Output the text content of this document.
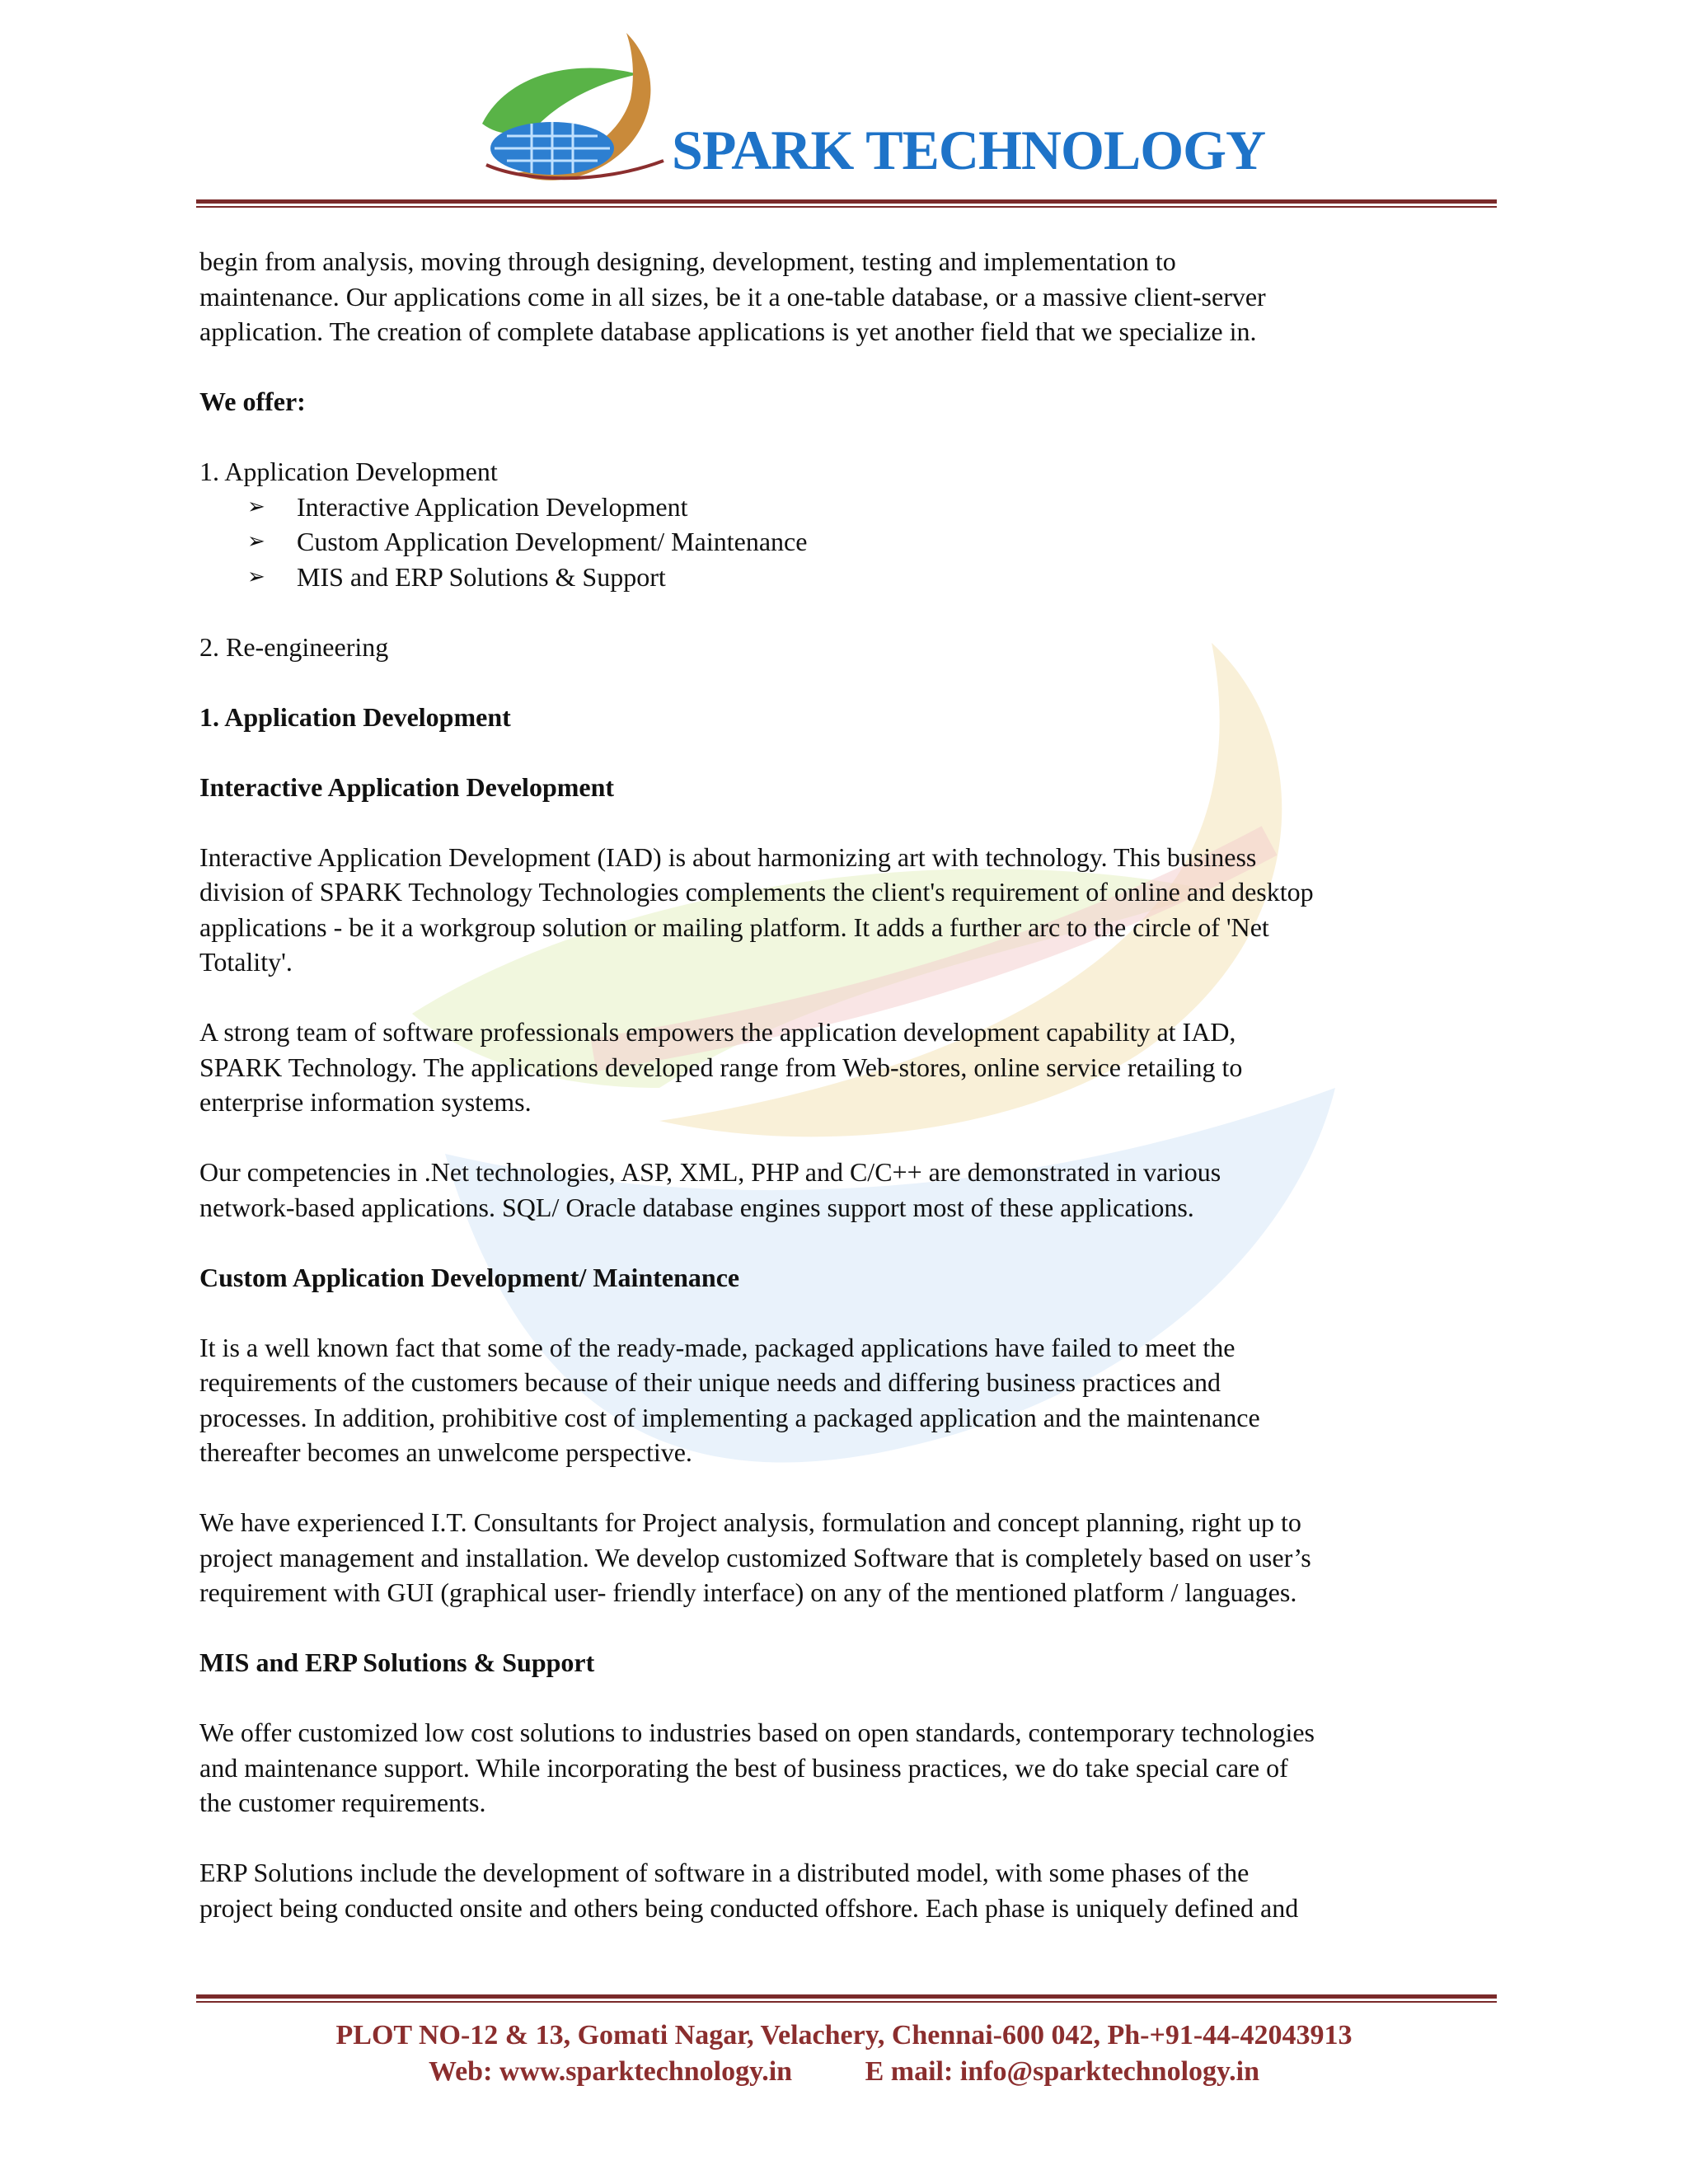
SPARK TECHNOLOGY

begin from analysis, moving through designing, development, testing and implementation to

maintenance. Our applications come in all sizes, be it a one-table database, or a massive client-server

application. The creation of complete database applications is yet another field that we specialize in.

We offer:

1. Application Development

➢	Interactive Application Development

➢	Custom Application Development/ Maintenance

➢	MIS and ERP Solutions & Support

2. Re-engineering

1. Application Development

Interactive Application Development

Interactive Application Development (IAD) is about harmonizing art with technology. This business

division of SPARK Technology Technologies complements the client's requirement of online and desktop

applications - be it a workgroup solution or mailing platform. It adds a further arc to the circle of 'Net

Totality'.

A strong team of software professionals empowers the application development capability at IAD,

SPARK Technology. The applications developed range from Web-stores, online service retailing to

enterprise information systems.

Our competencies in .Net technologies, ASP, XML, PHP and C/C++ are demonstrated in various

network-based applications. SQL/ Oracle database engines support most of these applications.

Custom Application Development/ Maintenance

It is a well known fact that some of the ready-made, packaged applications have failed to meet the

requirements of the customers because of their unique needs and differing business practices and

processes. In addition, prohibitive cost of implementing a packaged application and the maintenance

thereafter becomes an unwelcome perspective.

We have experienced I.T. Consultants for Project analysis, formulation and concept planning, right up to

project management and installation. We develop customized Software that is completely based on user’s

requirement with GUI (graphical user- friendly interface) on any of the mentioned platform / languages.

MIS and ERP Solutions & Support

We offer customized low cost solutions to industries based on open standards, contemporary technologies

and maintenance support. While incorporating the best of business practices, we do take special care of

the customer requirements.

ERP Solutions include the development of software in a distributed model, with some phases of the

project being conducted onsite and others being conducted offshore. Each phase is uniquely defined and

PLOT NO-12 & 13, Gomati Nagar, Velachery, Chennai-600 042, Ph-+91-44-42043913
Web: www.sparktechnology.in	E mail: info@sparktechnology.in
